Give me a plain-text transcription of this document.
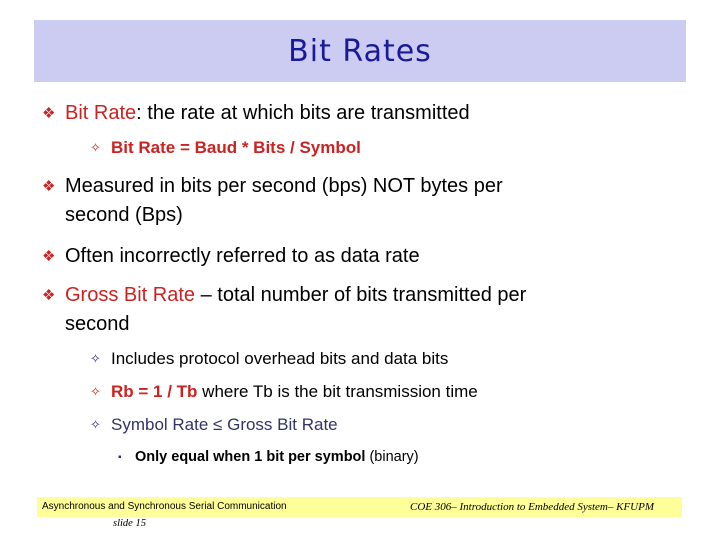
Bit Rates
❖ Bit Rate: the rate at which bits are transmitted
✧ Bit Rate = Baud * Bits / Symbol
❖ Measured in bits per second (bps) NOT bytes per second (Bps)
❖ Often incorrectly referred to as data rate
❖ Gross Bit Rate – total number of bits transmitted per second
✧ Includes protocol overhead bits and data bits
✧ Rb = 1 / Tb where Tb is the bit transmission time
✧ Symbol Rate ≤ Gross Bit Rate
▪ Only equal when 1 bit per symbol (binary)
Asynchronous and Synchronous Serial Communication	COE 306– Introduction to Embedded System– KFUPM
slide 15
